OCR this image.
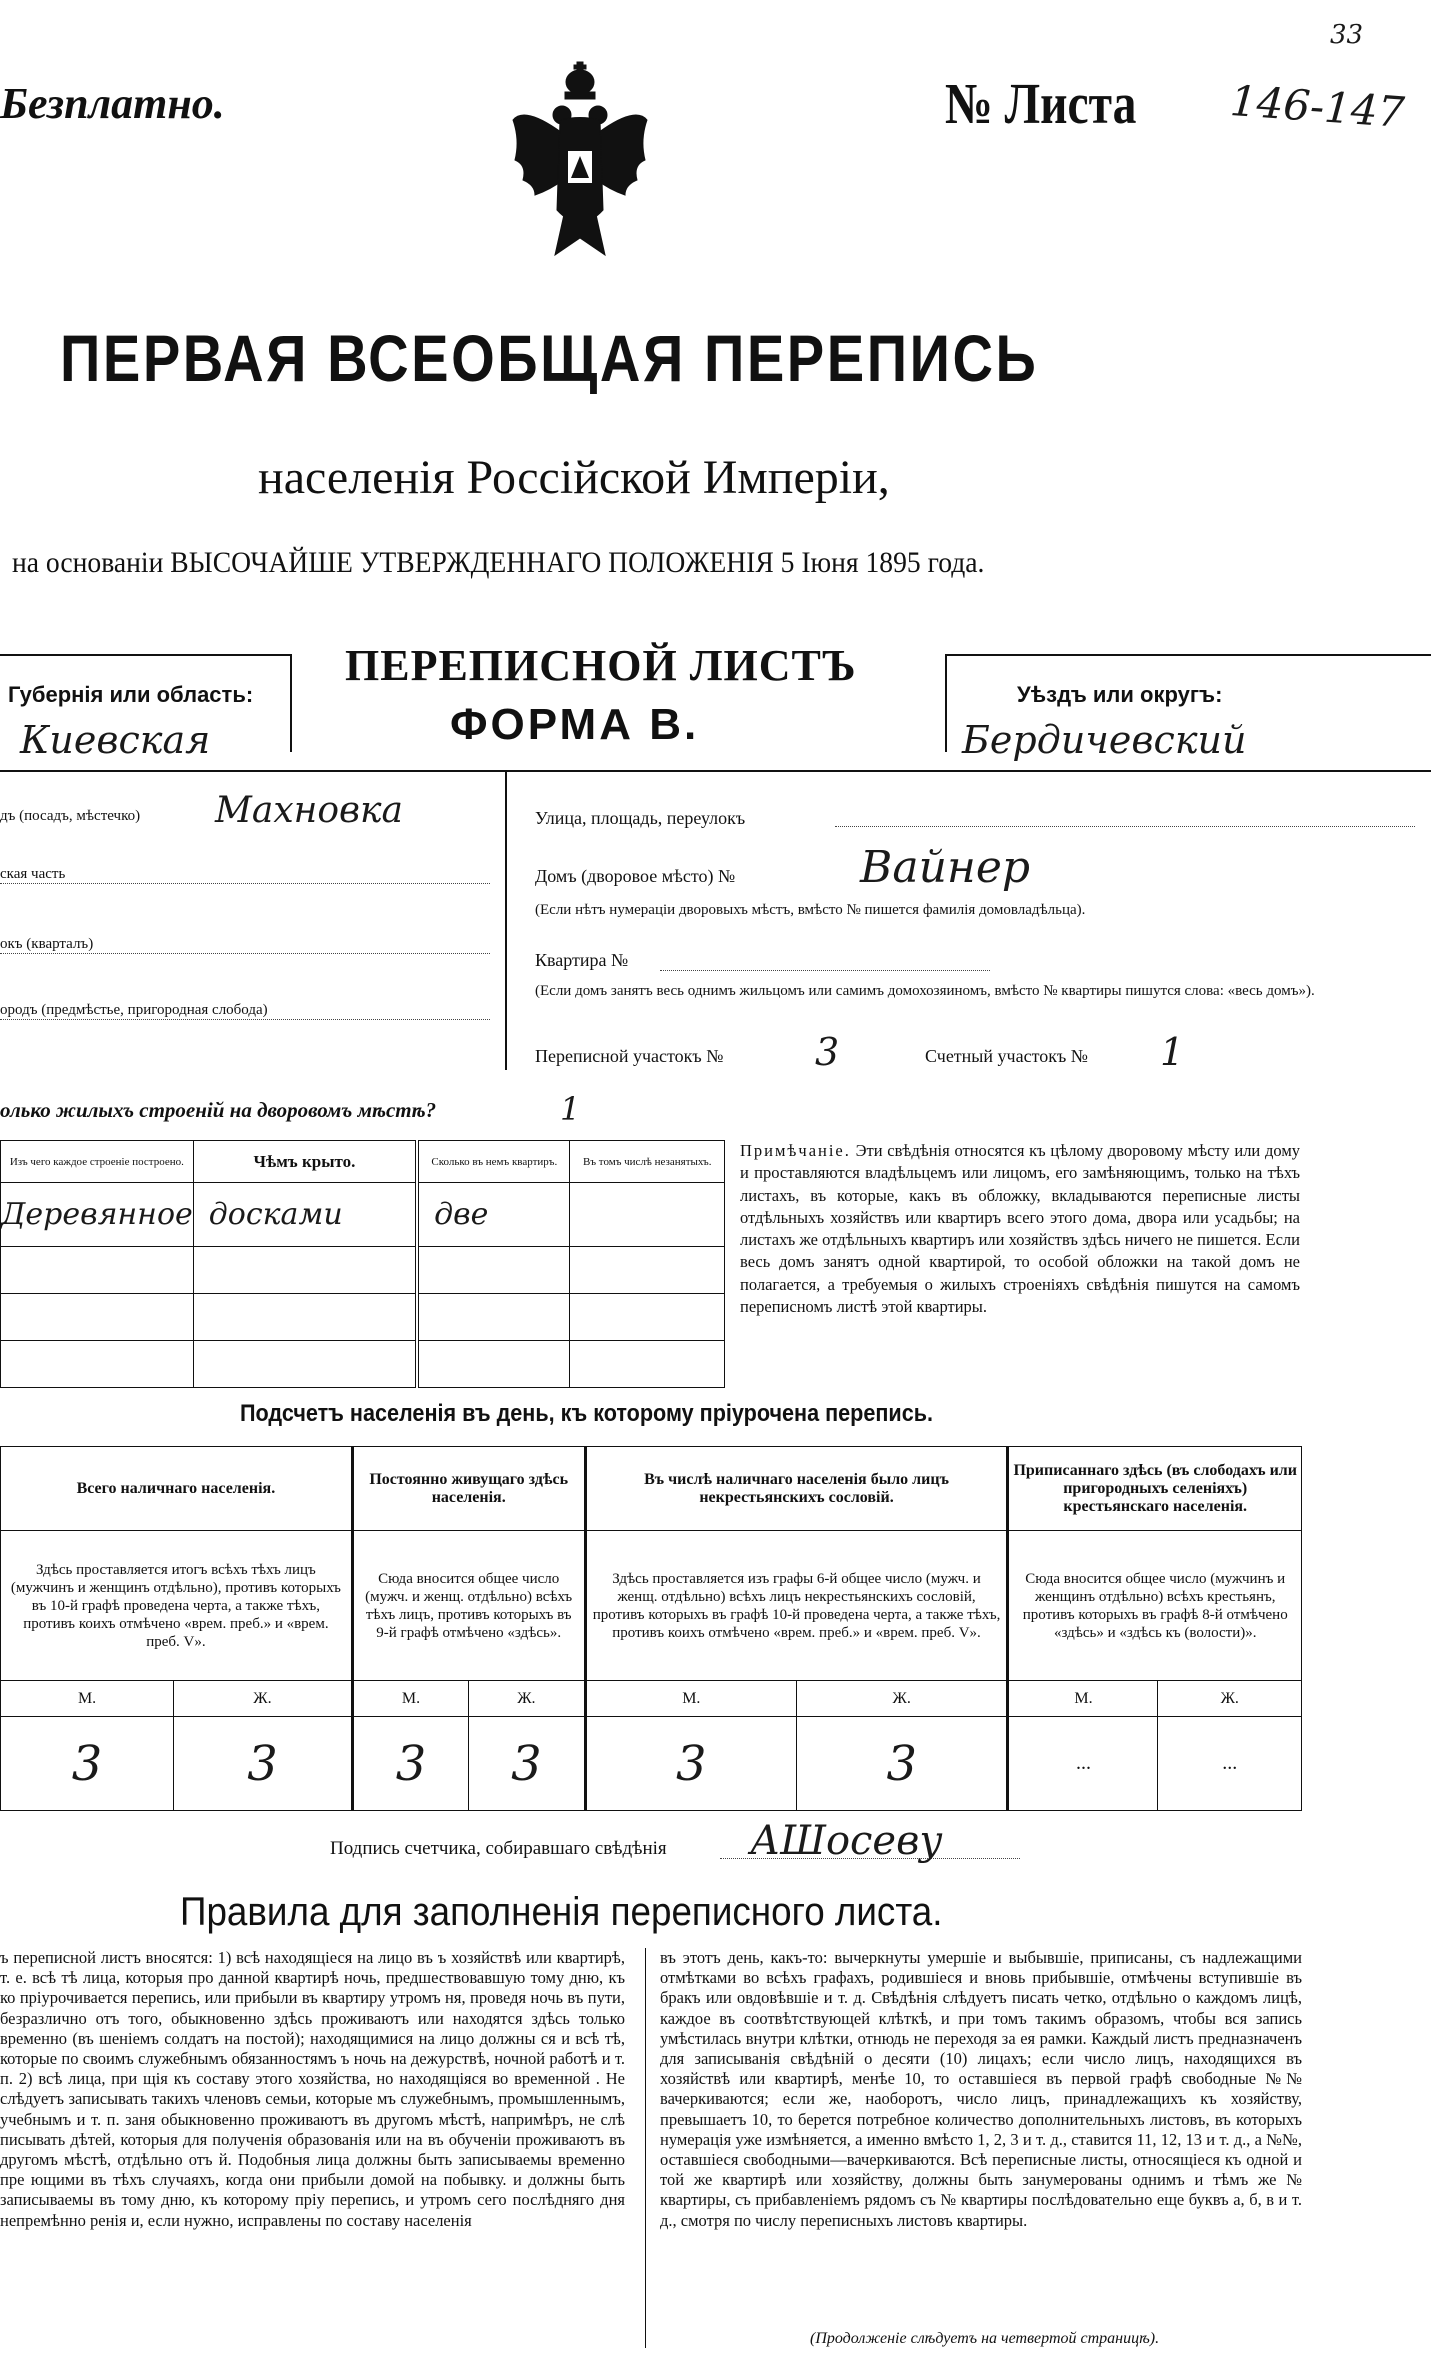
Безплатно.	№ Листа 146-147
33
ПЕРВАЯ ВСЕОБЩАЯ ПЕРЕПИСЬ
населенія Россійской Имперіи,
на основаніи ВЫСОЧАЙШЕ УТВЕРЖДЕННАГО ПОЛОЖЕНІЯ 5 Іюня 1895 года.
Губернія или область:
Киевская
ПЕРЕПИСНОЙ ЛИСТЪ
ФОРМА В.
Уѣздъ или округъ:
Бердичевский
дъ (посадъ, мѣстечко) Махновка
ская часть
окъ (кварталъ)
ородъ (предмѣстье, пригородная слобода)
Улица, площадь, переулокъ
Домъ (дворовое мѣсто) №	Вайнер
(Если нѣтъ нумераціи дворовыхъ мѣстъ, вмѣсто № пишется фамилія домовладѣльца).
Квартира №
(Если домъ занятъ весь однимъ жильцомъ или самимъ домохозяиномъ, вмѣсто № квартиры пишутся слова: «весь домъ»).
Переписной участокъ № 3	Счетный участокъ № 1
олько жилыхъ строеній на дворовомъ мѣстѣ?	1
Изъ чего каждое строеніе построено.	Чѣмъ крыто.	Сколько въ немъ квартиръ.	Въ томъ числѣ незанятыхъ.
Деревянное	досками	две	

Примѣчаніе. Эти свѣдѣнія относятся къ цѣлому дворовому мѣсту или дому и проставляются владѣльцемъ или лицомъ, его замѣняющимъ, только на тѣхъ листахъ, въ которые, какъ въ обложку, вкладываются переписные листы отдѣльныхъ хозяйствъ или квартиръ всего этого дома, двора или усадьбы; на листахъ же отдѣльныхъ квартиръ или хозяйствъ здѣсь ничего не пишется. Если весь домъ занятъ одной квартирой, то особой обложки на такой домъ не полагается, а требуемыя о жилыхъ строеніяхъ свѣдѣнія пишутся на самомъ переписномъ листѣ этой квартиры.
Подсчетъ населенія въ день, къ которому пріурочена перепись.
Всего наличнаго населенія.		Постоянно живущаго здѣсь населенія.		Въ числѣ наличнаго населенія было лицъ некрестьянскихъ сословій.		Приписаннаго здѣсь (въ слободахъ или пригородныхъ селеніяхъ) крестьянскаго населенія.	
Здѣсь проставляется итогъ всѣхъ тѣхъ лицъ (мужчинъ и женщинъ отдѣльно), противъ которыхъ въ 10-й графѣ проведена черта, а также тѣхъ, противъ коихъ отмѣчено «врем. преб.» и «врем. преб. V».		Сюда вносится общее число (мужч. и женщ. отдѣльно) всѣхъ тѣхъ лицъ, противъ которыхъ въ 9-й графѣ отмѣчено «здѣсь».		Здѣсь проставляется изъ графы 6-й общее число (мужч. и женщ. отдѣльно) всѣхъ лицъ некрестьянскихъ сословій, противъ которыхъ въ графѣ 10-й проведена черта, а также тѣхъ, противъ коихъ отмѣчено «врем. преб.» и «врем. преб. V».		Сюда вносится общее число (мужчинъ и женщинъ отдѣльно) всѣхъ крестьянъ, противъ которыхъ въ графѣ 8-й отмѣчено «здѣсь» и «здѣсь къ (волости)».	
М.	Ж.	М.	Ж.	М.	Ж.	М.	Ж.
3	3	3	3	3	3	...	...
Подпись счетчика, собиравшаго свѣдѣнія АШосеву
Правила для заполненія переписного листа.
ъ переписной листъ вносятся: 1) всѣ находящіеся на лицо въ ъ хозяйствѣ или квартирѣ, т. е. всѣ тѣ лица, которыя про данной квартирѣ ночь, предшествовавшую тому дню, къ ко пріурочивается перепись, или прибыли въ квартиру утромъ ня, проведя ночь въ пути, безразлично отъ того, обыкновенно здѣсь проживаютъ или находятся здѣсь только временно (въ шеніемъ солдатъ на постой); находящимися на лицо должны ся и всѣ тѣ, которые по своимъ служебнымъ обязанностямъ ъ ночь на дежурствѣ, ночной работѣ и т. п. 2) всѣ лица, при щія къ составу этого хозяйства, но находящіяся во временной . Не слѣдуетъ записывать такихъ членовъ семьи, которые мъ служебнымъ, промышленнымъ, учебнымъ и т. п. заня обыкновенно проживаютъ въ другомъ мѣстѣ, напримѣръ, не слѣ писывать дѣтей, которыя для полученія образованія или на въ обученіи проживаютъ въ другомъ мѣстѣ, отдѣльно отъ й. Подобныя лица должны быть записываемы временно пре ющими въ тѣхъ случаяхъ, когда они прибыли домой на побывку. и должны быть записываемы въ тому дню, къ которому пріу перепись, и утромъ сего послѣдняго дня непремѣнно ренія и, если нужно, исправлены по составу населенія
въ этотъ день, какъ-то: вычеркнуты умершіе и выбывшіе, приписаны, съ надлежащими отмѣтками во всѣхъ графахъ, родившіеся и вновь прибывшіе, отмѣчены вступившіе въ бракъ или овдовѣвшіе и т. д. Свѣдѣнія слѣдуетъ писать четко, отдѣльно о каждомъ лицѣ, каждое въ соотвѣтствующей клѣткѣ, и при томъ такимъ образомъ, чтобы вся запись умѣстилась внутри клѣтки, отнюдь не переходя за ея рамки. Каждый листъ предназначенъ для записыванія свѣдѣній о десяти (10) лицахъ; если число лицъ, находящихся въ хозяйствѣ или квартирѣ, менѣе 10, то оставшіеся въ первой графѣ свободные №№ вачеркиваются; если же, наоборотъ, число лицъ, принадлежащихъ къ хозяйству, превышаетъ 10, то берется потребное количество дополнительныхъ листовъ, въ которыхъ нумерація уже измѣняется, а именно вмѣсто 1, 2, 3 и т. д., ставится 11, 12, 13 и т. д., а №№, оставшіеся свободными—вачеркиваются. Всѣ переписные листы, относящіеся къ одной и той же квартирѣ или хозяйству, должны быть занумерованы однимъ и тѣмъ же № квартиры, съ прибавленіемъ рядомъ съ № квартиры послѣдовательно еще буквъ а, б, в и т. д., смотря по числу переписныхъ листовъ квартиры.
(Продолженіе слѣдуетъ на четвертой страницѣ).
